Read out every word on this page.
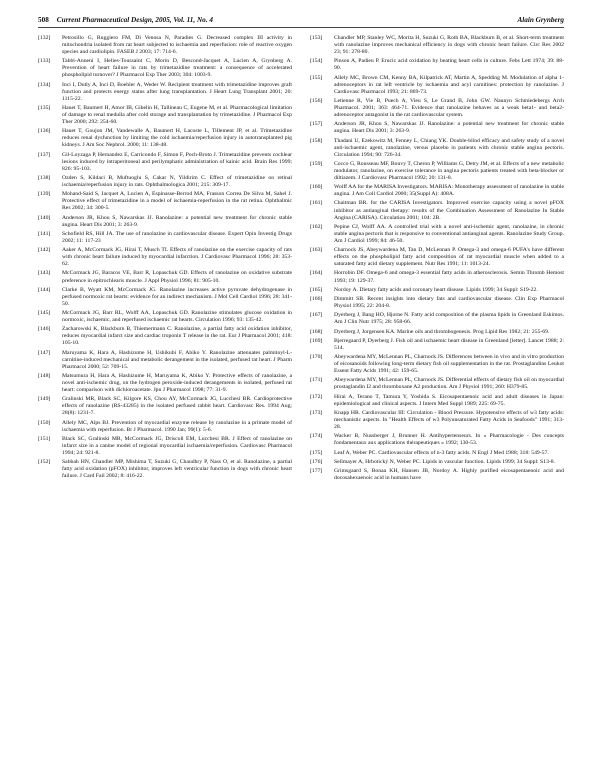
508 Current Pharmaceutical Design, 2005, Vol. 11, No. 4	Alain Grynberg
[132]	Petrosillo G, Ruggiero FM, Di Venosa N, Paradies G. Decreased complex III activity in mitochondria isolated from rat heart subjected to ischaemia and reperfusion: role of reactive oxygen species and cardiolipin. FASEB J 2003; 17: 714-6.
[133]	Tabbi-Anneni I, Helies-Toussaint C, Morin D, Bescond-Jacquet A, Lucien A, Grynberg A. Prevention of heart failure in rats by trimetazidine treatment: a consequence of accelerated phospholipid turnover? J Pharmacol Exp Ther 2003; 304: 1003-9.
[134]	Inci I, Dutly A, Inci D, Boehler A, Weder W. Recipient treatment with trimetazidine improves graft function and protects energy status after lung transplantation. J Heart Lung Transplant 2001; 20: 1115-22.
[135]	Hauet T, Baumert H, Amor IB, Gibelin H, Tallineau C, Eugene M, et al. Pharmacological limitation of damage to renal medulla after cold storage and transplantation by trimetazidine. J Pharmacol Exp Ther 2000; 292: 254-60.
[136]	Hauet T, Goujon JM, Vandewalle A, Baumert H, Lacoste L, Tillement JP, et al. Trimetazidine reduces renal dysfunction by limiting the cold ischaemia/reperfusion injury in autotransplanted pig kidneys. J Am Soc Nephrol. 2000; 11: 138-48.
[137]	Gil-Loyzaga P, Hernandez E, Carricondo F, Simon F, Poch-Broto J. Trimetazidine prevents cochlear lesions induced by intraperitoneal and perilymphatic administration of kainic acid. Brain Res 1999; 826: 95-103.
[138]	Ozden S, Kildaci B, Muftuoglu S, Cakar N, Yildirim C. Effect of trimetazidine on retinal ischaemia/reperfusion injury in rats. Ophthalmologica 2001; 215: 309-17.
[139]	Mohand-Said S, Jacquet A, Lucien A, Espinasse-Berrod MA, Frasson Correa De Silva M, Sahel J. Protective effect of trimetazidine in a model of ischaemia-reperfusion in the rat retina. Ophthalmic Res 2002; 34: 300-5.
[140]	Anderson JR, Khou S, Nawarskas JJ. Ranolazine: a potential new treatment for chronic stable angina. Heart Dis 2001; 3: 263-9.
[141]	Schofield RS, Hill JA. The use of ranolazine in cardiovascular disease. Expert Opin Investig Drugs 2002; 11: 117-23
[142]	Aaker A, McCormack JG, Hirai T, Musch TI. Effects of ranolazine on the exercise capacity of rats with chronic heart failure induced by myocardial infarction. J Cardiovasc Pharmacol 1996; 28: 353-62.
[143]	McCormack JG, Baracos VE, Barr R, Lopaschuk GD. Effects of ranolazine on oxidative substrate preference in epitrochlearis muscle. J Appl Physiol 1996; 81: 905-10.
[144]	Clarke B, Wyatt KM, McCormack JG. Ranolazine increases active pyruvate dehydrogenase in perfused normoxic rat hearts: evidence for an indirect mechanism. J Mol Cell Cardiol 1996; 28: 341-50.
[145]	McCormack JG, Barr RL, Wolff AA, Lopaschuk GD. Ranolazine stimulates glucose oxidation in normoxic, ischaemic, and reperfused ischaemic rat hearts. Circulation 1996; 93: 135-42.
[146]	Zacharowski K, Blackburn B, Thiemermann C. Ranolazine, a partial fatty acid oxidation inhibitor, reduces myocardial infarct size and cardiac troponin T release in the rat. Eur J Pharmacol 2001; 418: 105-10.
[147]	Maruyama K, Hara A, Hashizume H, Ushikubi F, Abiko Y. Ranolazine attenuates palmitoyl-L-carnitine-induced mechanical and metabolic derangement in the isolated, perfused rat heart. J Pharm Pharmacol 2000; 52: 709-15.
[148]	Matsumura H, Hara A, Hashizume H, Maruyama K, Abiko Y. Protective effects of ranolazine, a novel anti-ischemic drug, on the hydrogen peroxide-induced derangements in isolated, perfused rat heart: comparison with dichloroacetate. Jpn J Pharmacol 1998; 77: 31-9.
[149]	Gralinski MR, Black SC, Kilgore KS, Chou AY, McCormack JG, Lucchesi BR. Cardioprotective effects of ranolazine (RS-43285) in the isolated perfused rabbit heart. Cardiovasc Res. 1994 Aug; 28(8): 1231-7.
[150]	Allely MC, Alps BJ. Prevention of myocardial enzyme release by ranolazine in a primate model of ischaemia with reperfusion. Br J Pharmacol. 1990 Jan; 99(1): 5-6.
[151]	Black SC, Gralinski MR, McCormack JG, Driscoll EM, Lucchesi BR. J Effect of ranolazine on infarct size in a canine model of regional myocardial ischaemia/reperfusion. Cardiovasc Pharmacol 1994; 24: 921-8.
[152]	Sabbah HN, Chandler MP, Mishima T, Suzuki G, Chaudhry P, Nass O, et al. Ranolazine, a partial fatty acid oxidation (pFOX) inhibitor, improves left ventricular function in dogs with chronic heart failure. J Card Fail 2002; 8: 416-22.
[153]	Chandler MP, Stanley WC, Morita H, Suzuki G, Roth BA, Blackburn B, et al. Short-term treatment with ranolazine improves mechanical efficiency in dogs with chronic heart failure. Circ Res 2002 23; 91: 278-80.
[154]	Pinson A, Padieu P. Erucic acid oxidation by beating heart cells in culture. Febs Lett 1974; 39: 88-90.
[155]	Allely MC, Brown CM, Kenny BA, Kilpatrick AT, Martin A, Spedding M. Modulation of alpha 1-adrenoceptors in rat left ventricle by ischaemia and acyl carnitines: protection by ranolazine. J Cardiovasc Pharmacol 1993; 21: 869-73.
[156]	Letienne R, Vie B, Puech A, Vieu S, Le Grand B, John GW. Naunyn Schmiedebergs Arch Pharmacol. 2001; 363: 464-71. Evidence that ranolazine behaves as a weak beta1- and beta2-adrenoceptor antagonist in the rat cardiovascular system.
[157]	Anderson JR, Khou S, Nawarskas JJ. Ranolazine: a potential new treatment for chronic stable angina. Heart Dis 2001; 3: 263-9.
[158]	Thadani U, Ezekowitz M, Fenney L, Chiang YK. Double-blind efficacy and safety study of a novel anti-ischaemic agent, ranolazine, versus placebo in patients with chronic stable angina pectoris. Circulation 1994; 90: 726-34.
[159]	Cocco G, Rousseau MF, Bouvy T, Cheron P, Williams G, Detry JM, et al. Effects of a new metabolic modulator, ranolazine, on exercise tolerance in angina pectoris patients treated with beta-blocker or diltiazem. J Cardiovasc Pharmacol 1992; 20: 131-8.
[160]	Wolff AA for the MARISA Investigators. MARISA: Monotherapy assessment of ranolazine in stable angina. J Am Coll Cardiol 2000; 35(Suppl A): 408A.
[161]	Chaitman BR. for the CARISA Investigators. Improved exercise capacity using a novel pFOX inhibitor as antianginal therapy: results of the Combination Assessment of Ranolazine In Stable Angina (CARISA). Circulation 2001; 104: 2B.
[162]	Pepine CJ, Wolff AA. A controlled trial with a novel anti-ischemic agent, ranolazine, in chronic stable angina pectoris that is responsive to conventional antianginal agents. Ranolazine Study Group. Am J Cardiol 1999; 84: 46-50.
[163]	Charnock JS, Abeywardena M, Tan D, McLennan P. Omega-3 and omega-6 PUFA's have different effects on the phospholipid fatty acid composition of rat myocardial muscle when added to a saturated fatty acid dietary supplement. Nutr Res 1991; 11: 1013-24.
[164]	Horrobin DF. Omega-6 and omega-3 essential fatty acids in atherosclerosis. Semin Thromb Hemost 1993; 19: 129-37.
[165]	Nordoy A. Dietary fatty acids and coronary heart disease. Lipids 1999; 34 Suppl: S19-22.
[166]	Dimmitt SB. Recent insights into dietary fats and cardiovascular disease. Clin Exp Pharmacol Physiol 1995; 22: 204-8.
[167]	Dyerberg J, Bang HO, Hjorne N. Fatty acid composition of the plasma lipids in Greenland Eskimos. Am J Clin Nutr 1975; 28: 958-66.
[168]	Dyerberg J, Jorgensen KA. Marine oils and thrombogenesis. Prog Lipid Res 1982; 21: 255-69.
[169]	Bjerregaard P, Dyerberg J. Fish oil and ischaemic heart disease in Greenland [letter]. Lancet 1988; 2: 514.
[170]	Abeywardena MY, McLennan PL, Charnock JS. Differences between in vivo and in vitro production of eicosanoids following long-term dietary fish oil supplementation in the rat. Prostaglandins Leukot Essent Fatty Acids 1991; 42: 159-65.
[171]	Abeywardena MY, McLennan PL, Charnock JS. Differential effects of dietary fish oil on myocardial prostaglandin I2 and thromboxane A2 production. Am J Physiol 1991; 260: H379-85.
[172]	Hirai A, Terano T, Tamura Y, Yoshida S. Eicosapentaenoic acid and adult diseases in Japan: epidemiological and clinical aspects. J Intern Med Suppl 1989; 225: 69-75.
[173]	Knapp HR. Cardiovascular III: Circulation - Blood Pressure. Hypotensive effects of w3 fatty acids: mechanistic aspects. In "Health Effects of w3 Polyunsaturated Fatty Acids in Seafoods" 1991; 313-28.
[174]	Wacker B, Nussberger J, Brunner H. Antihypertenseurs. In « Pharmacologie - Des concepts fondamentaux aux applications thérapeutiques » 1992; 130-53.
[175]	Leaf A, Weber PC. Cardiovascular effects of n-3 fatty acids. N Engl J Med 1988; 318: 549-57.
[176]	Sellmayer A, Hrbotický N, Weber PC. Lipids in vascular function. Lipids 1999; 34 Suppl: S13-8.
[177]	Grimsgaard S, Bonaa KH, Hansen JB, Nordoy A. Highly purified eicosapentaenoic acid and docosahexaenoic acid in humans have
